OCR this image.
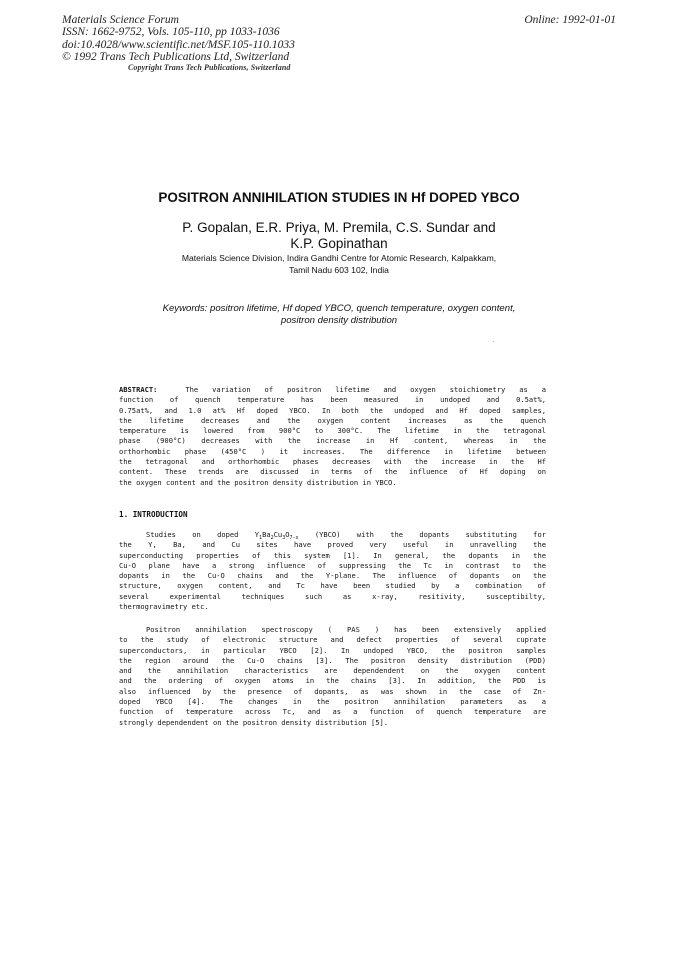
Materials Science Forum
ISSN: 1662-9752, Vols. 105-110, pp 1033-1036
doi:10.4028/www.scientific.net/MSF.105-110.1033
© 1992 Trans Tech Publications Ltd, Switzerland
Online: 1992-01-01
Copyright Trans Tech Publications, Switzerland
POSITRON ANNIHILATION STUDIES IN Hf DOPED YBCO
P. Gopalan, E.R. Priya, M. Premila, C.S. Sundar and
K.P. Gopinathan
Materials Science Division, Indira Gandhi Centre for Atomic Research, Kalpakkam,
Tamil Nadu 603 102, India
Keywords: positron lifetime, Hf doped YBCO, quench temperature, oxygen content,
positron density distribution
ABSTRACT:	The variation of positron lifetime and oxygen stoichiometry as a
function of quench temperature has been measured in undoped and 0.5at%,
0.75at%, and 1.0 at% Hf doped YBCO. In both the undoped and Hf doped samples,
the lifetime decreases and the oxygen content increases as the quench
temperature is lowered from 900°C to 300°C. The lifetime in the tetragonal
phase (900°C) decreases with the increase in Hf content, whereas in the
orthorhombic phase (450°C ) it increases. The difference in lifetime between
the tetragonal and orthorhombic phases decreases with the increase in the Hf
content. These trends are discussed in terms of the influence of Hf doping on
the oxygen content and the positron density distribution in YBCO.
1. INTRODUCTION
Studies on doped $Y_1Ba_2Cu_3O_{7-x}$ (YBCO) with the dopants substituting for
the Y, Ba, and Cu sites have proved very useful in unravelling the
superconducting properties of this system [1]. In general, the dopants in the
Cu-O plane have a strong influence of suppressing the Tc in contrast to the
dopants in the Cu-O chains and the Y-plane. The influence of dopants on the
structure, oxygen content, and Tc have been studied by a combination of
several experimental techniques such as x-ray, resitivity, susceptibilty,
thermogravimetry etc.
Positron annihilation spectroscopy ( PAS ) has been extensively applied
to the study of electronic structure and defect properties of several cuprate
superconductors, in particular YBCO [2]. In undoped YBCO, the positron samples
the region around the Cu-O chains [3]. The positron density distribution (PDD)
and the annihilation characteristics are dependendent on the oxygen content
and the ordering of oxygen atoms in the chains [3]. In addition, the PDD is
also influenced by the presence of dopants, as was shown in the case of Zn-
doped YBCO [4]. The changes in the positron annihilation parameters as a
function of temperature across Tc, and as a function of quench temperature are
strongly dependendent on the positron density distribution [5].
